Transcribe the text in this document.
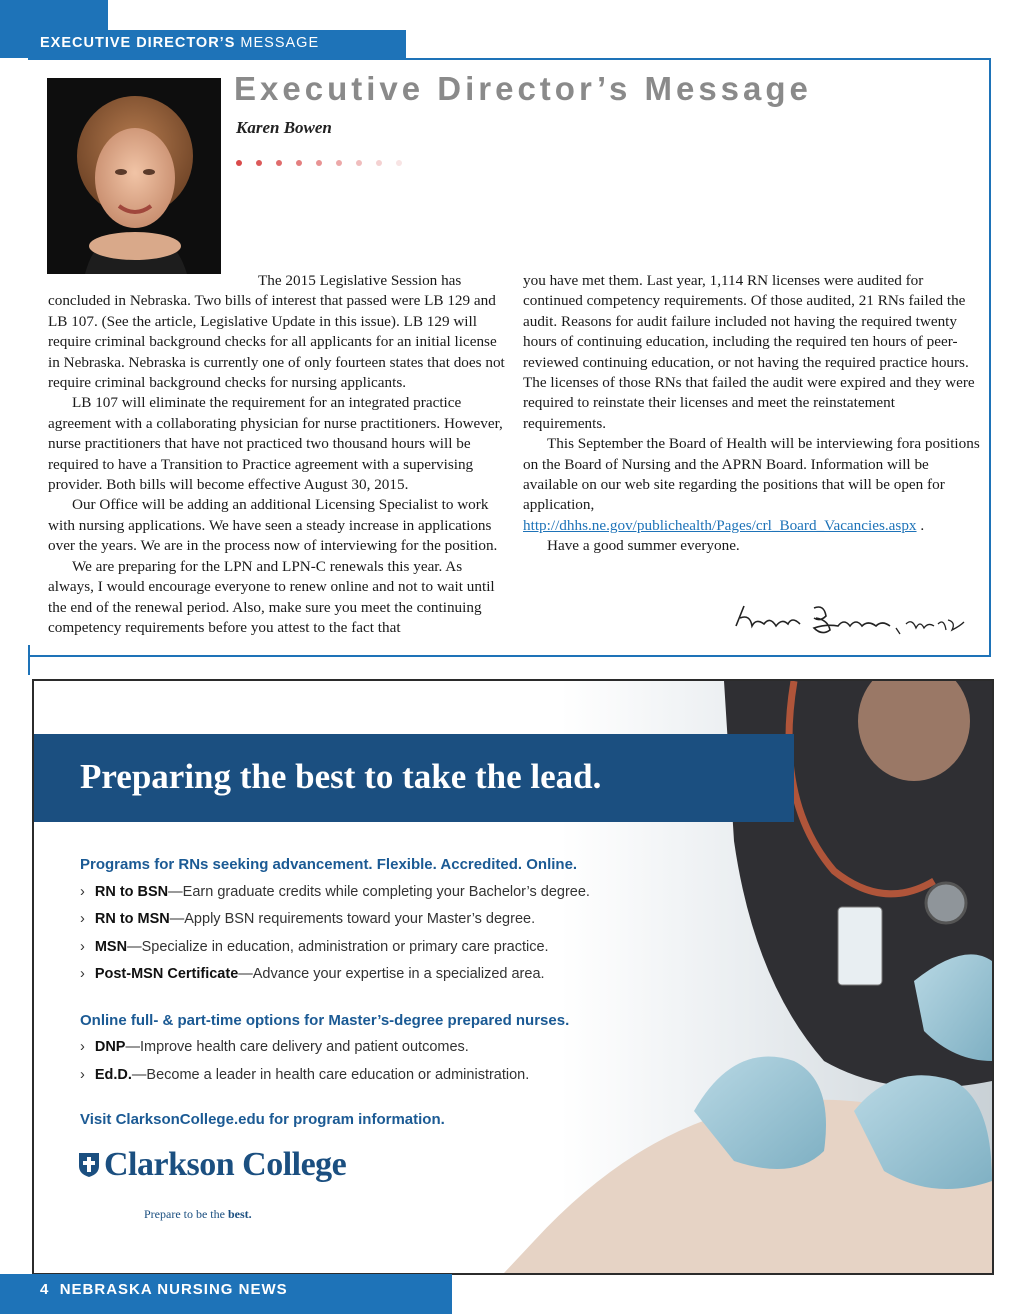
EXECUTIVE DIRECTOR’S MESSAGE
Executive Director’s Message
Karen Bowen

The 2015 Legislative Session has concluded in Nebraska. Two bills of interest that passed were LB 129 and LB 107. (See the article, Legislative Update in this issue). LB 129 will require criminal background checks for all applicants for an initial license in Nebraska. Nebraska is currently one of only fourteen states that does not require criminal background checks for nursing applicants.

LB 107 will eliminate the requirement for an integrated practice agreement with a collaborating physician for nurse practitioners. However, nurse practitioners that have not practiced two thousand hours will be required to have a Transition to Practice agreement with a supervising provider. Both bills will become effective August 30, 2015.

Our Office will be adding an additional Licensing Specialist to work with nursing applications. We have seen a steady increase in applications over the years. We are in the process now of interviewing for the position.

We are preparing for the LPN and LPN-C renewals this year. As always, I would encourage everyone to renew online and not to wait until the end of the renewal period. Also, make sure you meet the continuing competency requirements before you attest to the fact that

you have met them. Last year, 1,114 RN licenses were audited for continued competency requirements. Of those audited, 21 RNs failed the audit. Reasons for audit failure included not having the required twenty hours of continuing education, including the required ten hours of peer-reviewed continuing education, or not having the required practice hours. The licenses of those RNs that failed the audit were expired and they were required to reinstate their licenses and meet the reinstatement requirements.

This September the Board of Health will be interviewing fora positions on the Board of Nursing and the APRN Board. Information will be available on our web site regarding the positions that will be open for application, http://dhhs.ne.gov/publichealth/Pages/crl_Board_Vacancies.aspx .

Have a good summer everyone.

Preparing the best to take the lead.
Programs for RNs seeking advancement. Flexible. Accredited. Online.
› RN to BSN—Earn graduate credits while completing your Bachelor’s degree.
› RN to MSN—Apply BSN requirements toward your Master’s degree.
› MSN—Specialize in education, administration or primary care practice.
› Post-MSN Certificate—Advance your expertise in a specialized area.
Online full- & part-time options for Master’s-degree prepared nurses.
› DNP—Improve health care delivery and patient outcomes.
› Ed.D.—Become a leader in health care education or administration.
Visit ClarksonCollege.edu for program information.
Clarkson College
Prepare to be the best.
4 NEBRASKA NURSING NEWS
